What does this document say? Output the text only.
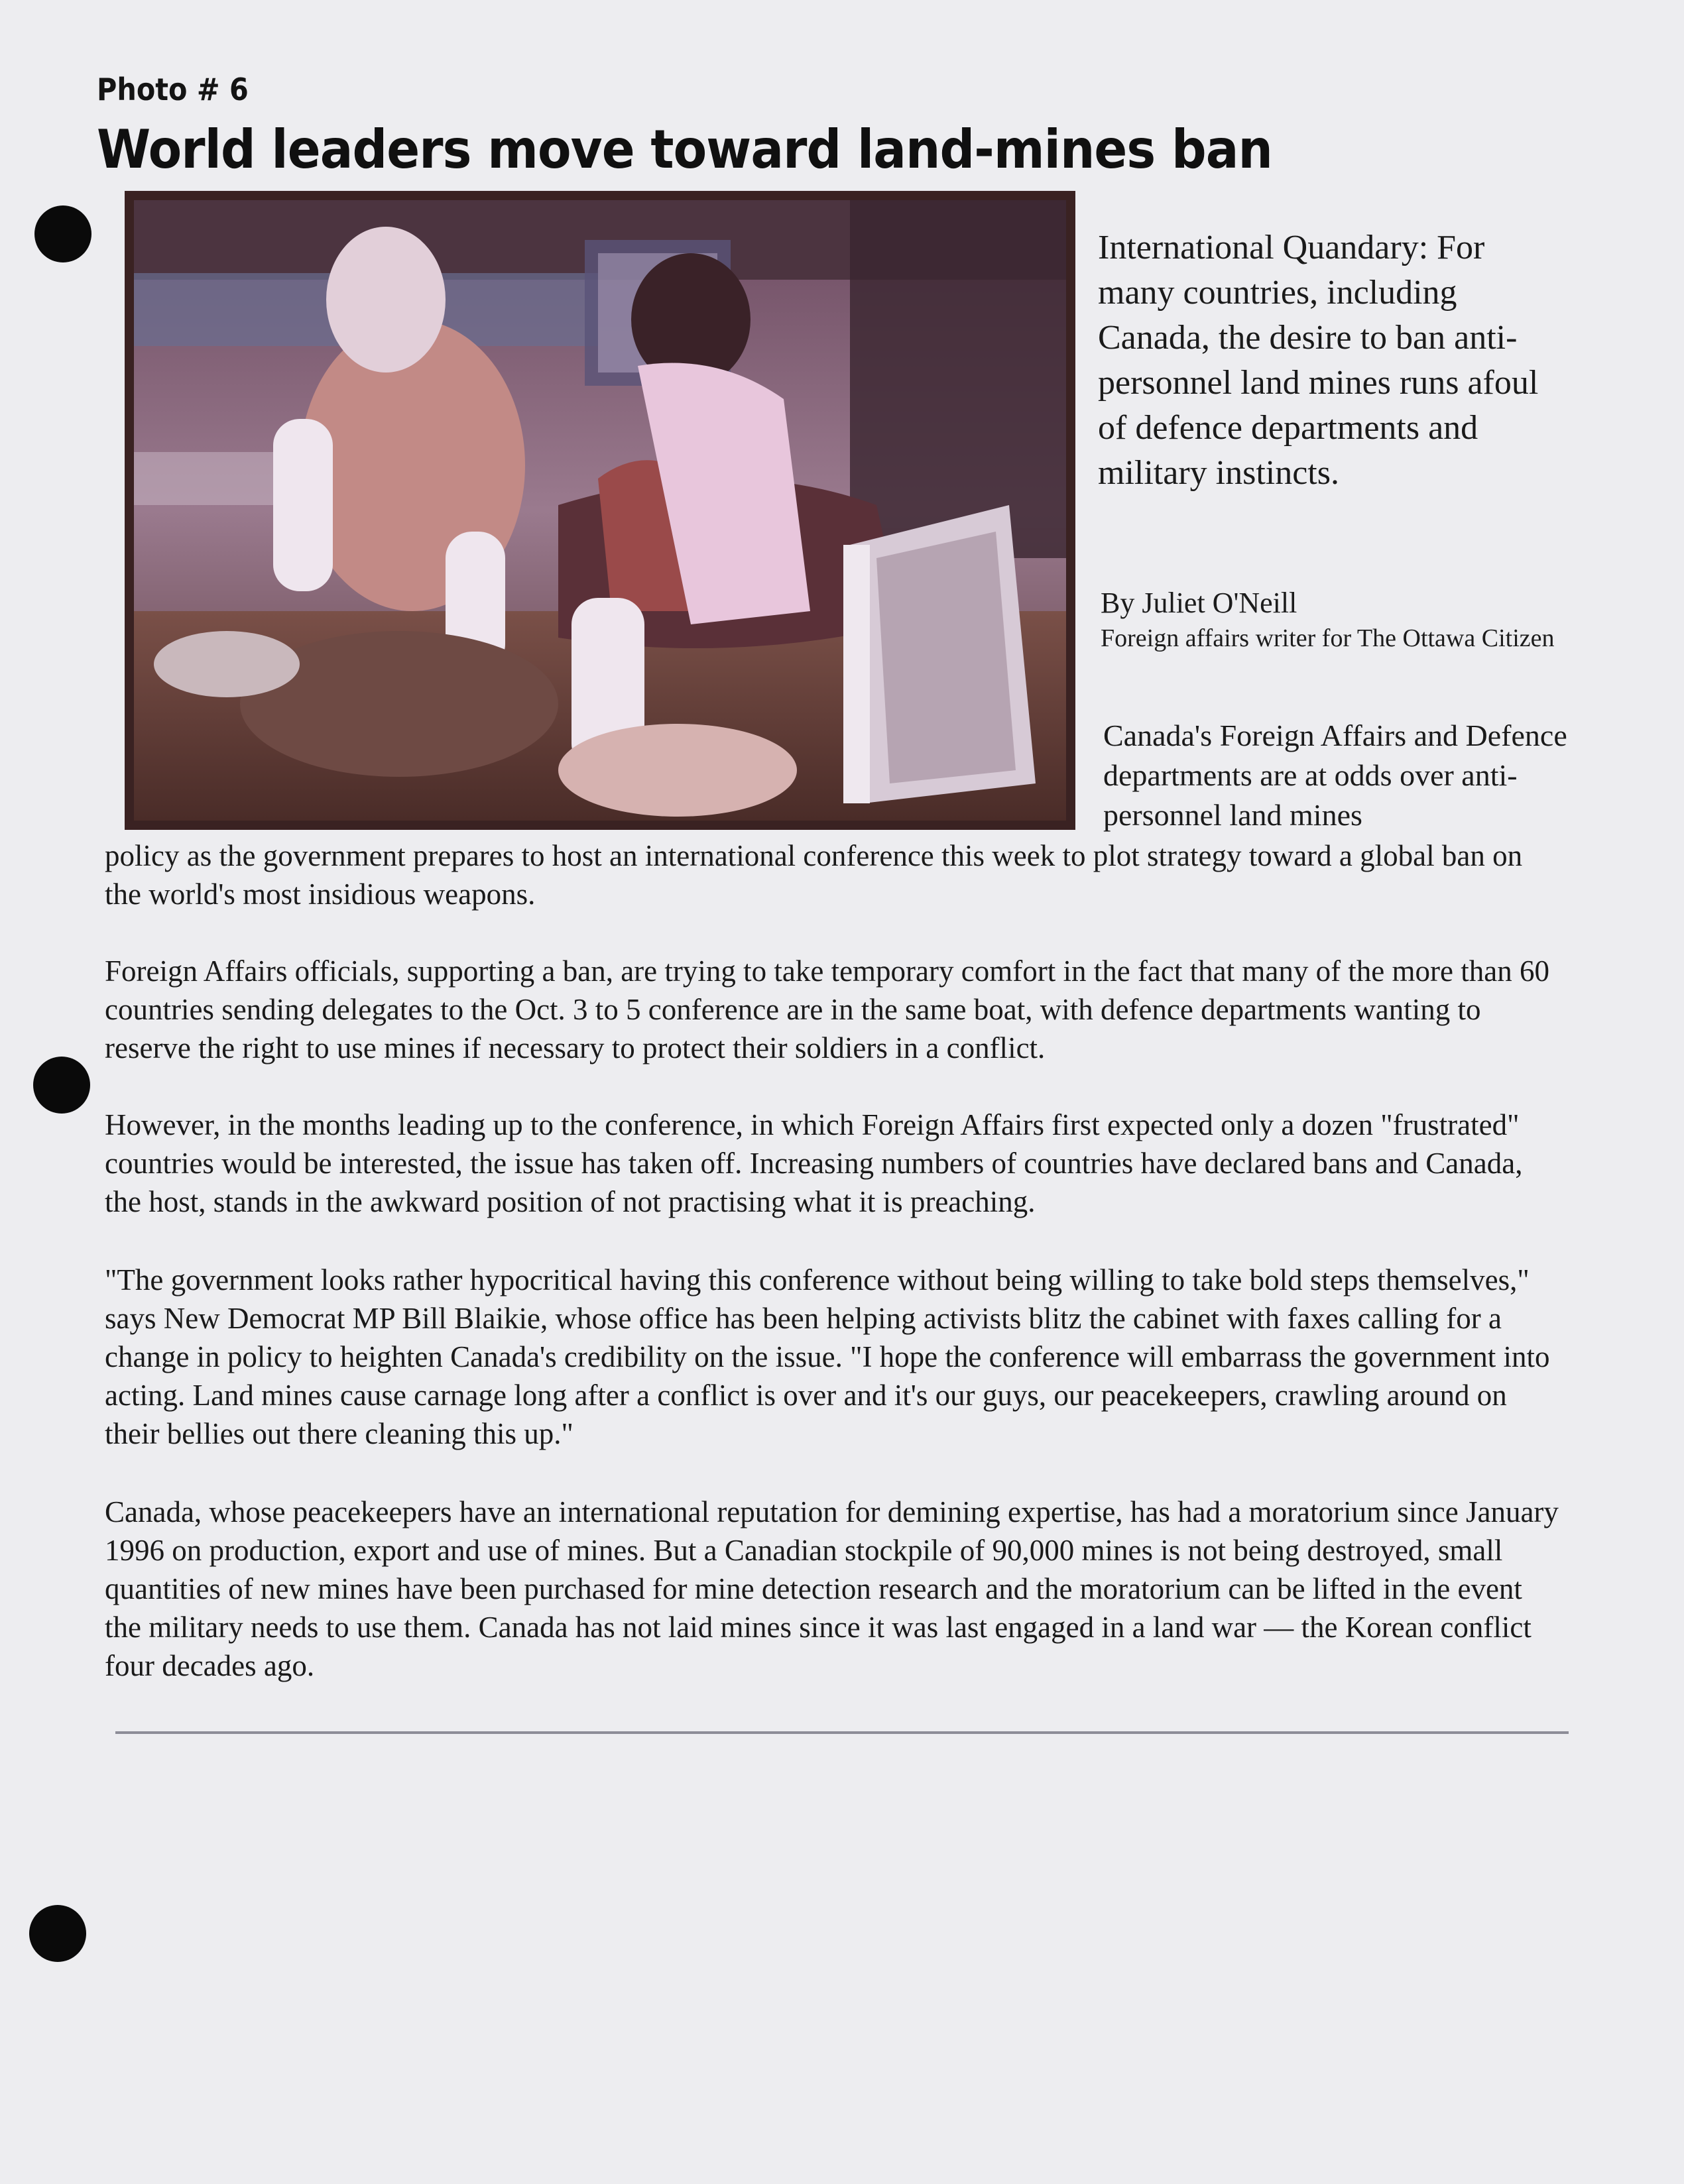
Photo # 6
World leaders move toward land-mines ban

International Quandary: For many countries, including Canada, the desire to ban anti-personnel land mines runs afoul of defence departments and military instincts.

By Juliet O'Neill

Foreign affairs writer for The Ottawa Citizen

Canada's Foreign Affairs and Defence departments are at odds over anti-personnel land mines

policy as the government prepares to host an international conference this week to plot strategy toward a global ban on the world's most insidious weapons.

Foreign Affairs officials, supporting a ban, are trying to take temporary comfort in the fact that many of the more than 60 countries sending delegates to the Oct. 3 to 5 conference are in the same boat, with defence departments wanting to reserve the right to use mines if necessary to protect their soldiers in a conflict.

However, in the months leading up to the conference, in which Foreign Affairs first expected only a dozen "frustrated" countries would be interested, the issue has taken off. Increasing numbers of countries have declared bans and Canada, the host, stands in the awkward position of not practising what it is preaching.

"The government looks rather hypocritical having this conference without being willing to take bold steps themselves," says New Democrat MP Bill Blaikie, whose office has been helping activists blitz the cabinet with faxes calling for a change in policy to heighten Canada's credibility on the issue. "I hope the conference will embarrass the government into acting. Land mines cause carnage long after a conflict is over and it's our guys, our peacekeepers, crawling around on their bellies out there cleaning this up."

Canada, whose peacekeepers have an international reputation for demining expertise, has had a moratorium since January 1996 on production, export and use of mines. But a Canadian stockpile of 90,000 mines is not being destroyed, small quantities of new mines have been purchased for mine detection research and the moratorium can be lifted in the event the military needs to use them. Canada has not laid mines since it was last engaged in a land war — the Korean conflict four decades ago.
